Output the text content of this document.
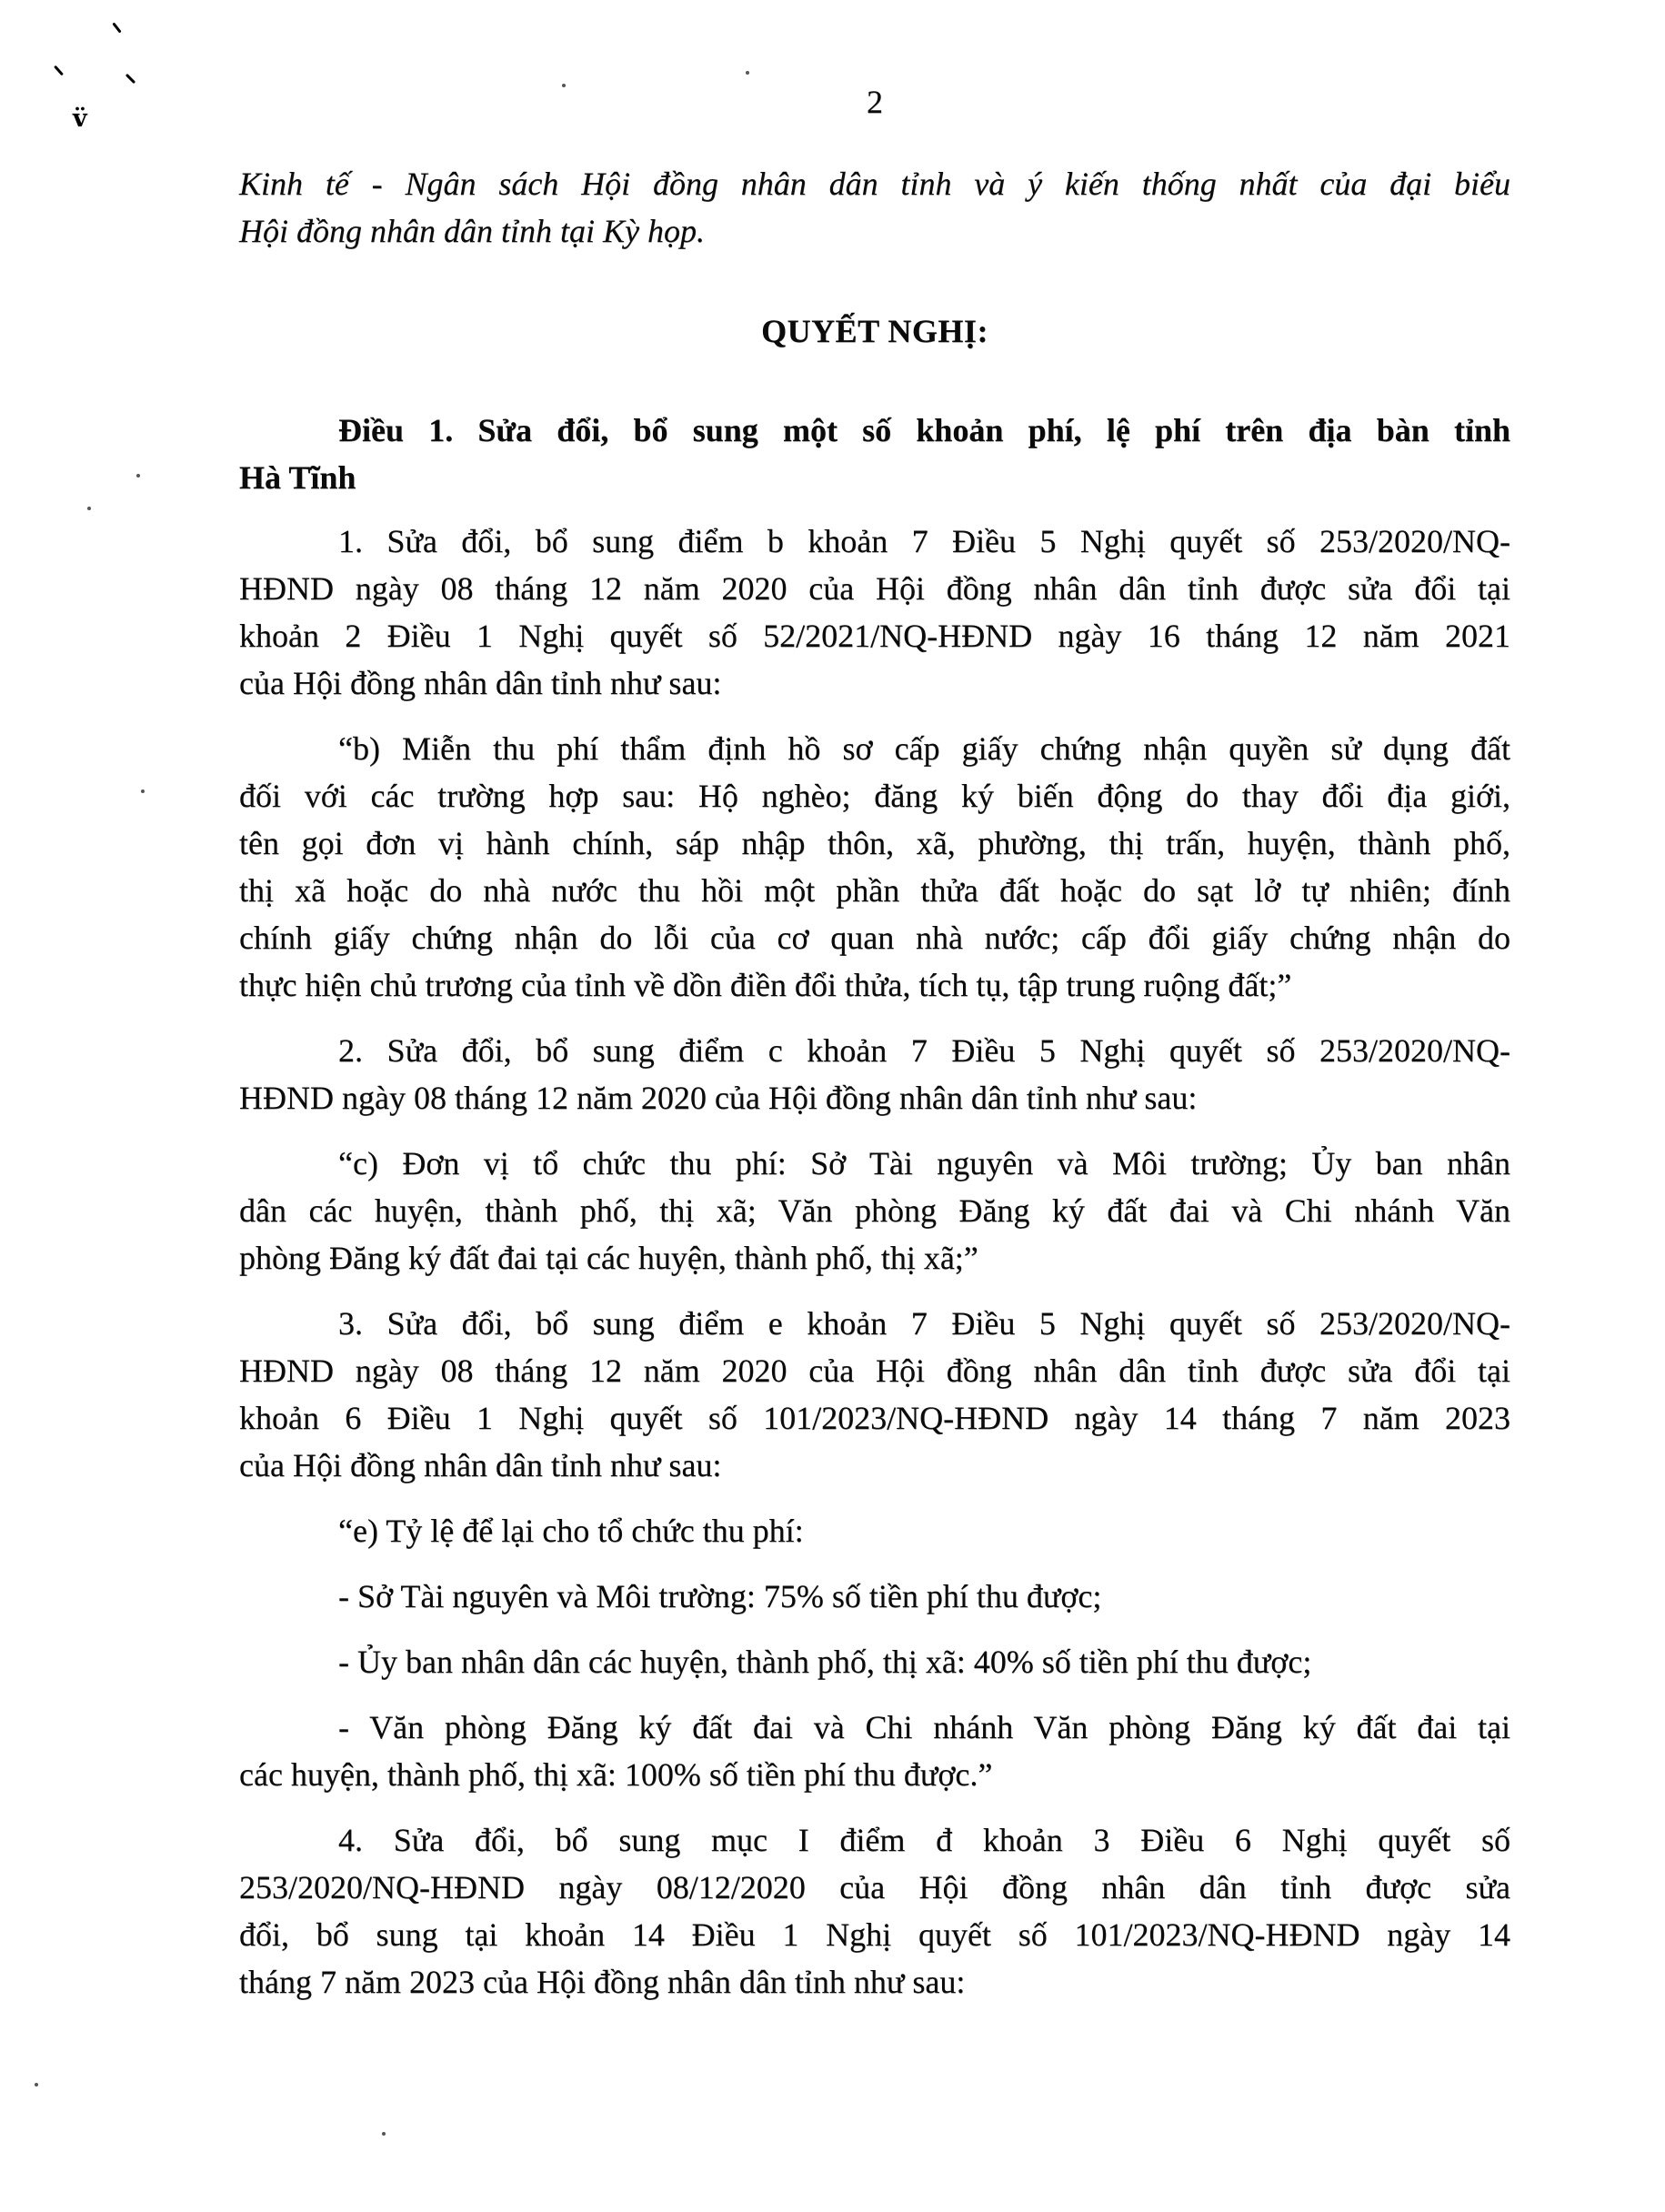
v̈	2
Kinh tế - Ngân sách Hội đồng nhân dân tỉnh và ý kiến thống nhất của đại biểu
Hội đồng nhân dân tỉnh tại Kỳ họp.
QUYẾT NGHỊ:
Điều 1. Sửa đổi, bổ sung một số khoản phí, lệ phí trên địa bàn tỉnh
Hà Tĩnh
1. Sửa đổi, bổ sung điểm b khoản 7 Điều 5 Nghị quyết số 253/2020/NQ-
HĐND ngày 08 tháng 12 năm 2020 của Hội đồng nhân dân tỉnh được sửa đổi tại
khoản 2 Điều 1 Nghị quyết số 52/2021/NQ-HĐND ngày 16 tháng 12 năm 2021
của Hội đồng nhân dân tỉnh như sau:
“b) Miễn thu phí thẩm định hồ sơ cấp giấy chứng nhận quyền sử dụng đất
đối với các trường hợp sau: Hộ nghèo; đăng ký biến động do thay đổi địa giới,
tên gọi đơn vị hành chính, sáp nhập thôn, xã, phường, thị trấn, huyện, thành phố,
thị xã hoặc do nhà nước thu hồi một phần thửa đất hoặc do sạt lở tự nhiên; đính
chính giấy chứng nhận do lỗi của cơ quan nhà nước; cấp đổi giấy chứng nhận do
thực hiện chủ trương của tỉnh về dồn điền đổi thửa, tích tụ, tập trung ruộng đất;”
2. Sửa đổi, bổ sung điểm c khoản 7 Điều 5 Nghị quyết số 253/2020/NQ-
HĐND ngày 08 tháng 12 năm 2020 của Hội đồng nhân dân tỉnh như sau:
“c) Đơn vị tổ chức thu phí: Sở Tài nguyên và Môi trường; Ủy ban nhân
dân các huyện, thành phố, thị xã; Văn phòng Đăng ký đất đai và Chi nhánh Văn
phòng Đăng ký đất đai tại các huyện, thành phố, thị xã;”
3. Sửa đổi, bổ sung điểm e khoản 7 Điều 5 Nghị quyết số 253/2020/NQ-
HĐND ngày 08 tháng 12 năm 2020 của Hội đồng nhân dân tỉnh được sửa đổi tại
khoản 6 Điều 1 Nghị quyết số 101/2023/NQ-HĐND ngày 14 tháng 7 năm 2023
của Hội đồng nhân dân tỉnh như sau:
“e) Tỷ lệ để lại cho tổ chức thu phí:
- Sở Tài nguyên và Môi trường: 75% số tiền phí thu được;
- Ủy ban nhân dân các huyện, thành phố, thị xã: 40% số tiền phí thu được;
- Văn phòng Đăng ký đất đai và Chi nhánh Văn phòng Đăng ký đất đai tại
các huyện, thành phố, thị xã: 100% số tiền phí thu được.”
4. Sửa đổi, bổ sung mục I điểm đ khoản 3 Điều 6 Nghị quyết số
253/2020/NQ-HĐND ngày 08/12/2020 của Hội đồng nhân dân tỉnh được sửa
đổi, bổ sung tại khoản 14 Điều 1 Nghị quyết số 101/2023/NQ-HĐND ngày 14
tháng 7 năm 2023 của Hội đồng nhân dân tỉnh như sau:
